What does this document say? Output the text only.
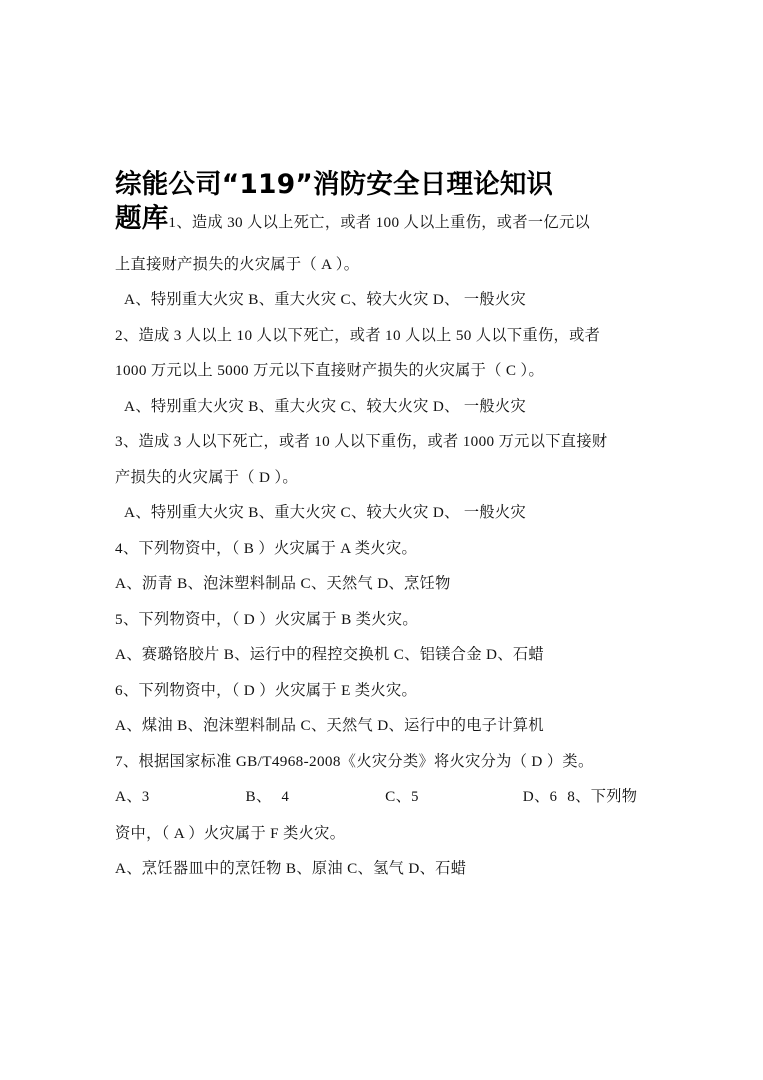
综能公司“119”消防安全日理论知识
题库1、造成 30 人以上死亡，或者 100 人以上重伤，或者一亿元以

上直接财产损失的火灾属于（ A ）。

A、特别重大火灾 B、重大火灾 C、较大火灾 D、 一般火灾

2、造成 3 人以上 10 人以下死亡，或者 10 人以上 50 人以下重伤，或者

1000 万元以上 5000 万元以下直接财产损失的火灾属于（ C ）。

A、特别重大火灾 B、重大火灾 C、较大火灾 D、 一般火灾

3、造成 3 人以下死亡，或者 10 人以下重伤，或者 1000 万元以下直接财

产损失的火灾属于（ D ）。

A、特别重大火灾 B、重大火灾 C、较大火灾 D、 一般火灾

4、下列物资中，（ B ）火灾属于 A 类火灾。

A、沥青 B、泡沫塑料制品 C、天然气 D、烹饪物

5、下列物资中，（ D ）火灾属于 B 类火灾。

A、赛璐铬胶片 B、运行中的程控交换机 C、铝镁合金 D、石蜡

6、下列物资中，（ D ）火灾属于 E 类火灾。

A、煤油 B、泡沫塑料制品 C、天然气 D、运行中的电子计算机

7、根据国家标准 GB/T4968-2008《火灾分类》将火灾分为（ D ）类。

A、3	B、 4	C、5	D、6 8、下列物

资中，（ A ）火灾属于 F 类火灾。

A、烹饪器皿中的烹饪物 B、原油 C、氢气 D、石蜡
